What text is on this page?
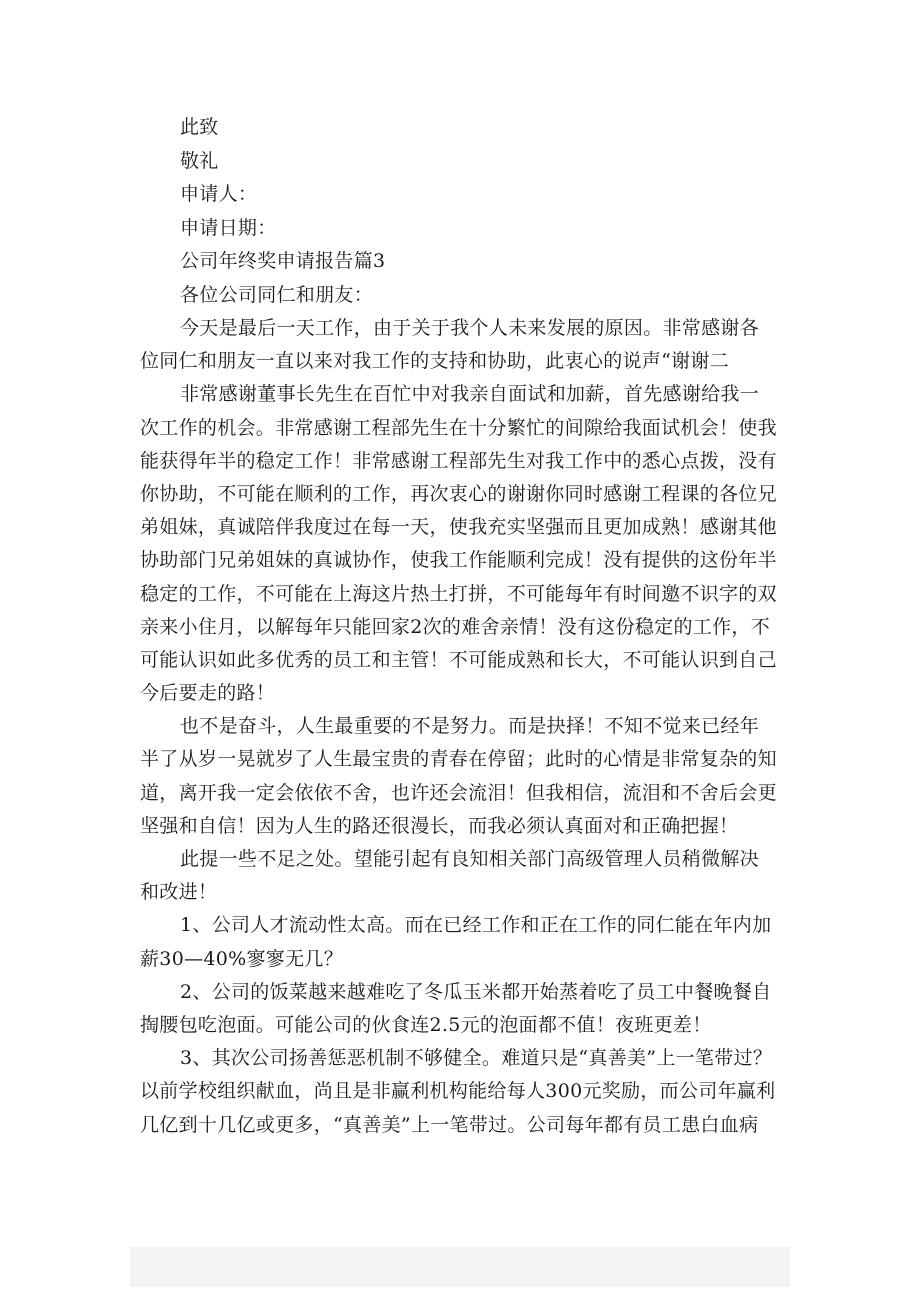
此致
敬礼
申请人：
申请日期：
公司年终奖申请报告篇3
各位公司同仁和朋友：
今天是最后一天工作，由于关于我个人未来发展的原因。非常感谢各
位同仁和朋友一直以来对我工作的支持和协助，此衷心的说声“谢谢二
非常感谢董事长先生在百忙中对我亲自面试和加薪，首先感谢给我一
次工作的机会。非常感谢工程部先生在十分繁忙的间隙给我面试机会！使我
能获得年半的稳定工作！非常感谢工程部先生对我工作中的悉心点拨，没有
你协助，不可能在顺利的工作，再次衷心的谢谢你同时感谢工程课的各位兄
弟姐妹，真诚陪伴我度过在每一天，使我充实坚强而且更加成熟！感谢其他
协助部门兄弟姐妹的真诚协作，使我工作能顺利完成！没有提供的这份年半
稳定的工作，不可能在上海这片热土打拼，不可能每年有时间邀不识字的双
亲来小住月，以解每年只能回家2次的难舍亲情！没有这份稳定的工作，不
可能认识如此多优秀的员工和主管！不可能成熟和长大，不可能认识到自己
今后要走的路！
也不是奋斗，人生最重要的不是努力。而是抉择！不知不觉来已经年
半了从岁一晃就岁了人生最宝贵的青春在停留；此时的心情是非常复杂的知
道，离开我一定会依依不舍，也许还会流泪！但我相信，流泪和不舍后会更
坚强和自信！因为人生的路还很漫长，而我必须认真面对和正确把握！
此提一些不足之处。望能引起有良知相关部门高级管理人员稍微解决
和改进！
1、公司人才流动性太高。而在已经工作和正在工作的同仁能在年内加
薪30—40%寥寥无几？
2、公司的饭菜越来越难吃了冬瓜玉米都开始蒸着吃了员工中餐晚餐自
掏腰包吃泡面。可能公司的伙食连2.5元的泡面都不值！夜班更差！
3、其次公司扬善惩恶机制不够健全。难道只是“真善美”上一笔带过？
以前学校组织献血，尚且是非赢利机构能给每人300元奖励，而公司年赢利
几亿到十几亿或更多，“真善美”上一笔带过。公司每年都有员工患白血病
